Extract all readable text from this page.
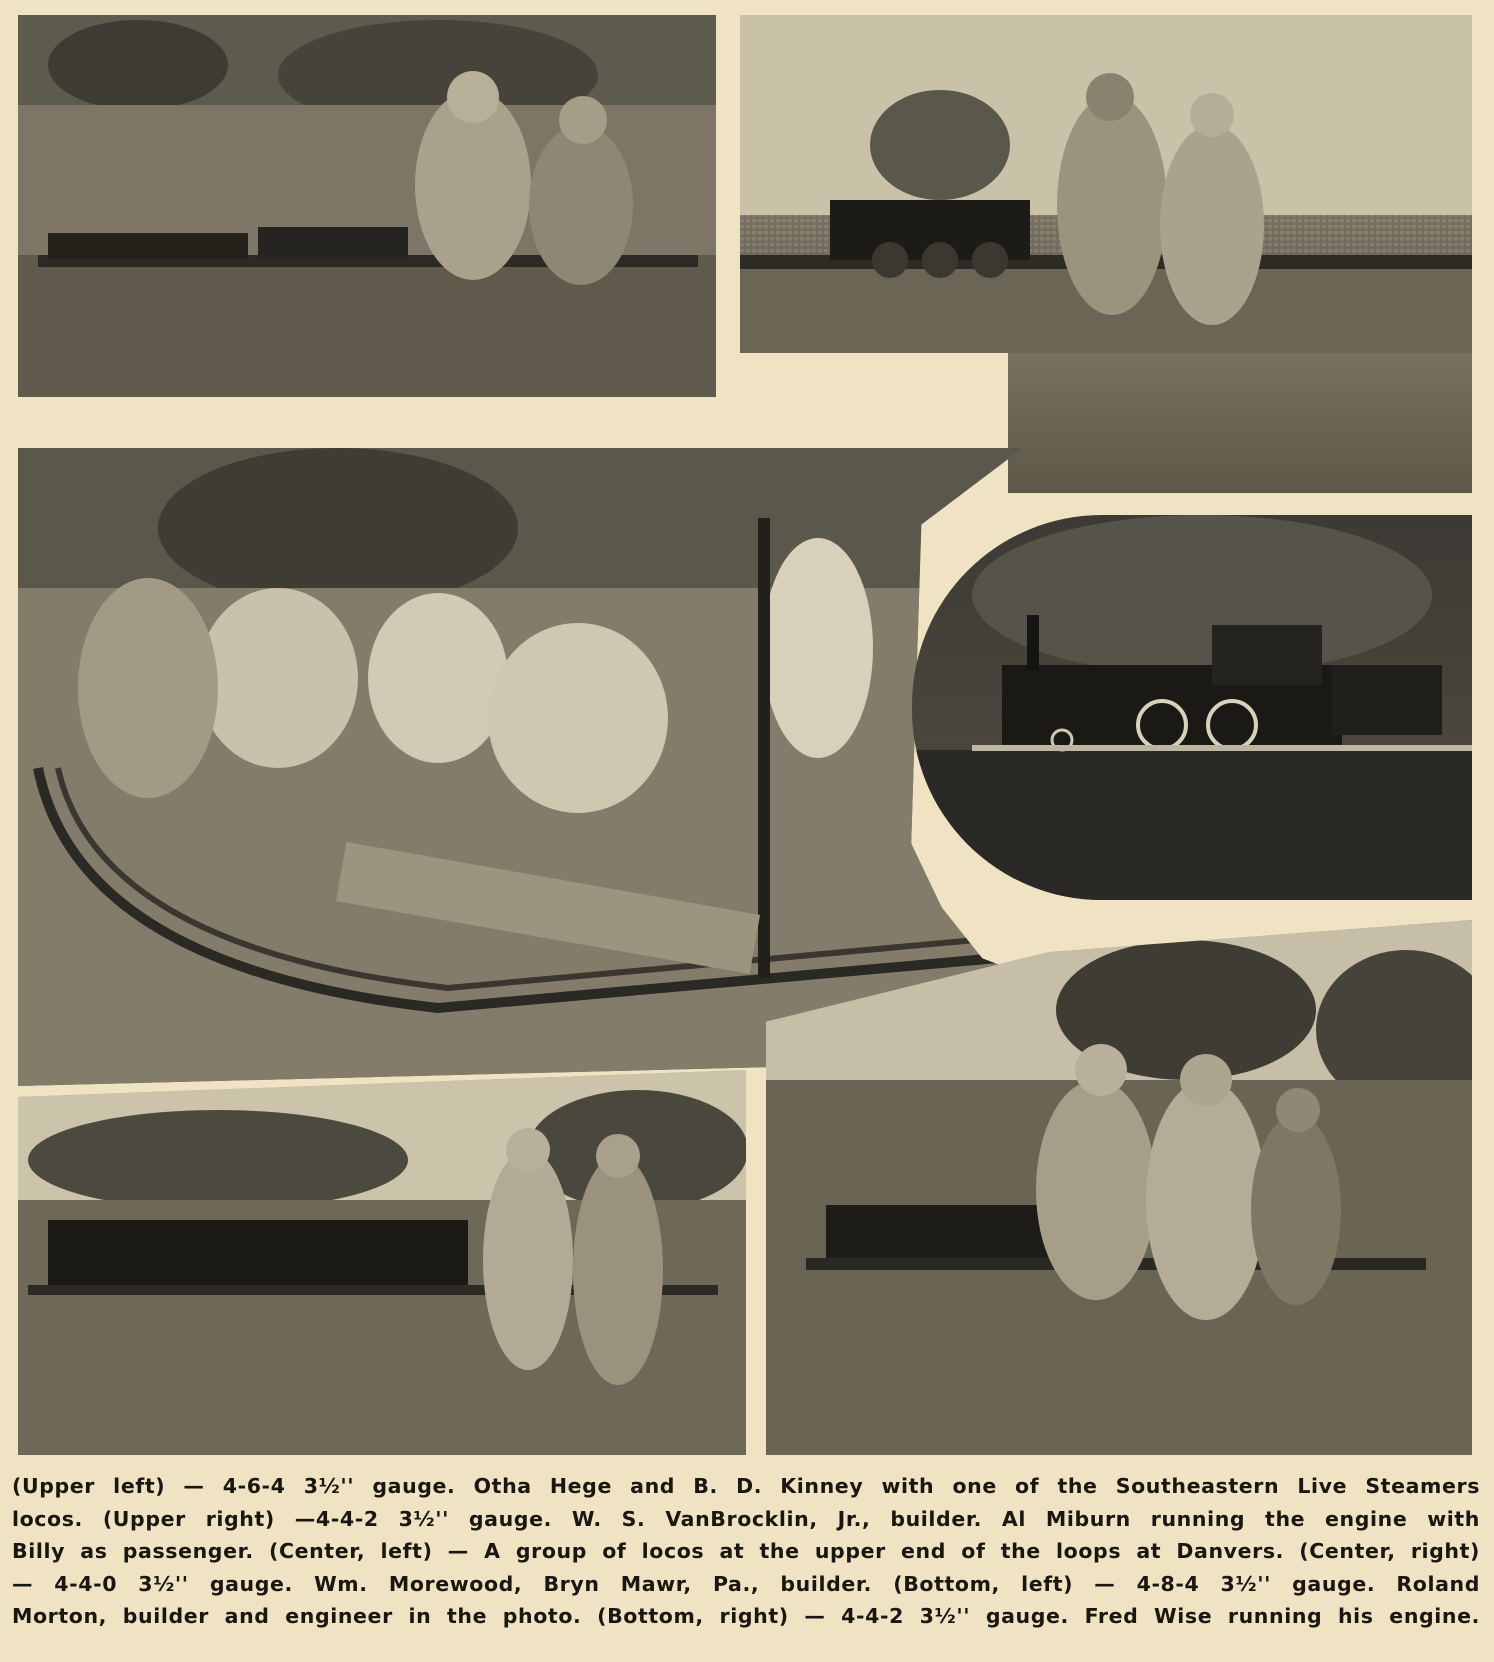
(Upper left) — 4-6-4 3½'' gauge. Otha Hege and B. D. Kinney with one of the Southeastern Live Steamers
locos. (Upper right) —4-4-2 3½'' gauge. W. S. VanBrocklin, Jr., builder. Al Miburn running the engine with
Billy as passenger. (Center, left) — A group of locos at the upper end of the loops at Danvers. (Center, right)
— 4-4-0 3½'' gauge. Wm. Morewood, Bryn Mawr, Pa., builder. (Bottom, left) — 4-8-4 3½'' gauge. Roland
Morton, builder and engineer in the photo. (Bottom, right) — 4-4-2 3½'' gauge. Fred Wise running his engine.
